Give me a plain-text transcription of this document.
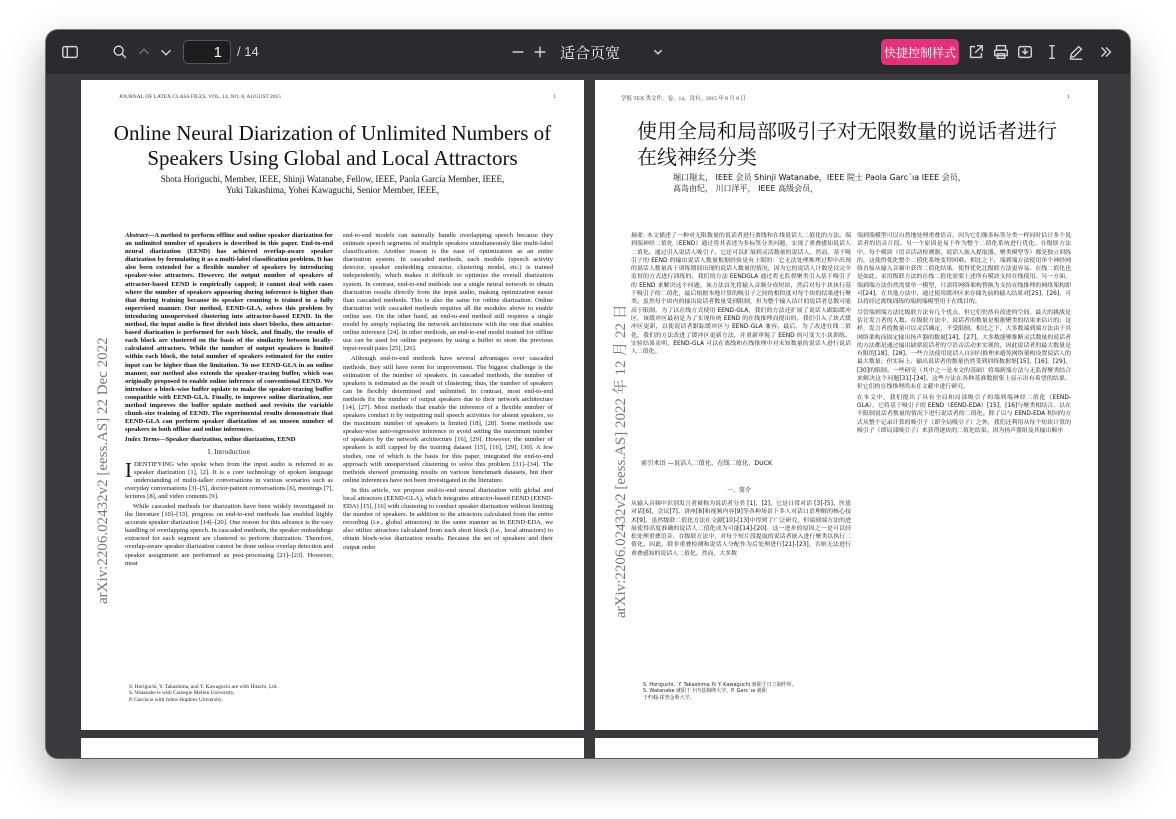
1	/ 14	适合页宽	快捷控制样式
JOURNAL OF LATEX CLASS FILES, VOL. 14, NO. 8, AUGUST 2015	1
Online Neural Diarization of Unlimited Numbers of Speakers Using Global and Local Attractors
Shota Horiguchi, Member, IEEE, Shinji Watanabe, Fellow, IEEE, Paola García Member, IEEE,
Yuki Takashima, Yohei Kawaguchi, Senior Member, IEEE,
arXiv:2206.02432v2 [eess.AS] 22 Dec 2022

Abstract—A method to perform offline and online speaker diarization for an unlimited number of speakers is described in this paper. End-to-end neural diarization (EEND) has achieved overlap-aware speaker diarization by formulating it as a multi-label classification problem. It has also been extended for a flexible number of speakers by introducing speaker-wise attractors. However, the output number of speakers of attractor-based EEND is empirically capped; it cannot deal with cases where the number of speakers appearing during inference is higher than that during training because its speaker counting is trained in a fully supervised manner. Our method, EEND-GLA, solves this problem by introducing unsupervised clustering into attractor-based EEND. In the method, the input audio is first divided into short blocks, then attractor-based diarization is performed for each block, and finally, the results of each block are clustered on the basis of the similarity between locally-calculated attractors. While the number of output speakers is limited within each block, the total number of speakers estimated for the entire input can be higher than the limitation. To use EEND-GLA in an online manner, our method also extends the speaker-tracing buffer, which was originally proposed to enable online inference of conventional EEND. We introduce a block-wise buffer update to make the speaker-tracing buffer compatible with EEND-GLA. Finally, to improve online diarization, our method improves the buffer update method and revisits the variable chunk-size training of EEND. The experimental results demonstrate that EEND-GLA can perform speaker diarization of an unseen number of speakers in both offline and online inferences.

Index Terms—Speaker diarization, online diarization, EEND

I. Introduction

IDENTIFYING who spoke when from the input audio is referred to as speaker diarization [1], [2]. It is a core technology of spoken language understanding of multi-talker conversations in various scenarios such as everyday conversations [3]–[5], doctor-patient conversations [6], meetings [7], lectures [8], and video contents [9].

While cascaded methods for diarization have been widely investigated in the literature [10]–[13], progress on end-to-end methods has enabled highly accurate speaker diarization [14]–[20]. One reason for this advance is the easy handling of overlapping speech. In cascaded methods, the speaker embeddings extracted for each segment are clustered to perform diarization. Therefore, overlap-aware speaker diarization cannot be done unless overlap detection and speaker assignment are performed as post-processing [21]–[23]. However, most

end-to-end models can naturally handle overlapping speech because they estimate speech segments of multiple speakers simultaneously like multi-label classification. Another reason is the ease of optimization as an entire diarization system. In cascaded methods, each module (speech activity detector, speaker embedding extractor, clustering model, etc.) is trained independently, which makes it difficult to optimize the overall diarization system. In contrast, end-to-end methods use a single neural network to obtain diarization results directly from the input audio, making optimization easier than cascaded methods. This is also the same for online diarization. Online diarization with cascaded methods requires all the modules above to enable online use. On the other hand, an end-to-end method still requires a single model by simply replacing the network architecture with the one that enables online inference [24]. In other methods, an end-to-end model trained for offline use can be used for online purposes by using a buffer to store the previous input-result pairs [25], [26].

Although end-to-end methods have several advantages over cascaded methods, they still have room for improvement. The biggest challenge is the estimation of the number of speakers. In cascaded methods, the number of speakers is estimated as the result of clustering; thus, the number of speakers can be flexibly determined and unlimited. In contrast, most end-to-end methods fix the number of output speakers due to their network architecture [14], [27]. Most methods that enable the inference of a flexible number of speakers conduct it by outputting null speech activities for absent speakers, so the maximum number of speakers is limited [18], [28]. Some methods use speaker-wise auto-regressive inference to avoid setting the maximum number of speakers by the network architecture [16], [29]. However, the number of speakers is still capped by the training dataset [15], [16], [29], [30]. A few studies, one of which is the basis for this paper, integrated the end-to-end approach with unsupervised clustering to solve this problem [31]–[34]. The methods showed promising results on various benchmark datasets, but their online inferences have not been investigated in the literature.

In this article, we propose end-to-end neural diarization with global and local attractors (EEND-GLA), which integrates attractor-based EEND (EEND-EDA) [15], [16] with clustering to conduct speaker diarization without limiting the number of speakers. In addition to the attractors calculated from the entire recording (i.e., global attractors) in the same manner as in EEND-EDA, we also utilize attractors calculated from each short block (i.e., local attractors) to obtain block-wise diarization results. Because the set of speakers and their output order

S. Horiguchi, Y. Takashima, and Y. Kawaguchi are with Hitachi, Ltd.
S. Watanabe is with Carnegie Mellon University.
P. García is with Johns Hopkins University.
学报 TEX 类文件，卷。14，没有。2015 年 8 月 8 日	1
使用全局和局部吸引子对无限数量的说话者进行在线神经分类
堀口翔太， IEEE 会员 Shinji Watanabe，IEEE 院士 Paola Garc´ıa IEEE 会员，
高岛由纪， 川口洋平， IEEE 高级会员，
arXiv:2206.02432v2 [eess.AS] 2022 年 12 月 22 日
摘要: 本文描述了一种对无限数量的说话者进行离线和在线说话人二值化的方法。端到端神经二值化（EEND）通过将其表述为多标签分类问题，实现了重叠感知说话人二值化。通过引入说话人吸引子，它还可以扩展到灵活数量的说话人。然而，基于吸引子的 EEND 的输出说话人数量根据经验是有上限的：它无法处理推理过程中出现的说话人数量高于训练期间出现的说话人数量的情况，因为它的说话人计数是以完全监督的方式进行训练的。我们的方法 EENDGLA 通过将无监督聚类引入基于吸引子的 EEND 来解决这个问题。该方法首先将输入音频分成短块，然后对每个块执行基于吸引子的二值化，最后根据本地计算的吸引子之间的相似度对每个块的结果进行聚类。虽然每个块内的输出说话者数量受到限制，但为整个输入估计的说话者总数可能高于限制。为了以在线方式使用 EEND-GLA，我们的方法还扩展了说话人跟踪缓冲区，该缓冲区最初是为了实现传统 EEND 的在线推理而提出的。我们引入了块式缓冲区更新，以使说话者跟踪缓冲区与 EEND-GLA 兼容。最后，为了改进在线二值化，我们的方法改进了缓冲区更新方法，并重新审视了 EEND 的可变大小块训练。实验结果表明，EEND-GLA 可以在离线和在线推理中对未知数量的说话人进行说话人二值化。
索引术语 —说话人二值化、在线二值化、DUCK
一、简介
从输入音频中识别发言者被称为说话者分类 [1]，[2]。它是日常对话 [3]-[5]、医患对话[6]、会议[7]、讲座[8]和视频内容[9]等各种场景下多人对话口语理解的核心技术[9]。虽然级联二值化方法在文献[10]-[13]中得到了广泛研究，但端到端方法的进展使得高度准确的说话人二值化成为可能[14]-[20]。这一进步的原因之一是可以轻松处理重叠语音。在级联方法中，对每个短片段提取的说话者嵌入进行聚类以执行二值化。因此，除非重叠检测和说话人分配作为后处理进行[21]-[23]，否则无法进行重叠感知的说话人二值化。然而，大多数

端到端模型可以自然地处理重叠语音，因为它们像多标签分类一样同时估计多个说话者的语音片段。另一个原因是易于作为整个二值化系统进行优化。在级联方法中，每个模块（语音活动检测器、说话人嵌入提取器、聚类模型等）都是独立训练的，这使得优化整个二值化系统变得困难。相比之下，端到端方法使用单个神经网络直接从输入音频中获得二值化结果，使得优化比级联方法更容易。在线二值化也是如此。采用级联方法的在线二值化需要上述所有模块支持在线使用。另一方面，端到端方法仍然需要单一模型，只需将网络架构替换为支持在线推理的网络架构即可[24]。在其他方法中，通过使用缓冲区来存储先前的输入结果对[25]、[26]，可以将经过离线训练的端到端模型用于在线目的。

尽管端到端方法比级联方法有几个优点，但它们仍然有改进的空间。最大的挑战是估计发言者的人数。在级联方法中，说话者的数量是根据聚类的结果来估计的；这样，发言者的数量可以灵活确定，不受限制。相比之下，大多数端到端方法由于其网络架构而固定输出扬声器的数量[14]、[27]。大多数能够推断灵活数量的说话者的方法都是通过输出缺席说话者的空语音活动来实现的，因此说话者的最大数量是有限的[18]、[28]。一些方法使用说话人自回归推理来避免网络架构设置说话人的最大数量；但实际上，输出说话者的数量仍然受到训练数据集[15]、[16]、[29]、[30]的限制。一些研究（其中之一是本文的基础）将端到端方法与无监督聚类结合来解决这个问题[31]-[34]。这些方法在各种基准数据集上显示出有希望的结果，但它们的在线推理尚未在文献中进行研究。

在本文中，我们提出了具有全局和局部吸引子的端到端神经二值化（EEND-GLA），它将基于吸引子的 EEND（EEND-EDA）[15]，[16]与聚类相结合，以在不限制说话者数量的情况下进行说话者的二值化。除了以与 EEND-EDA 相同的方式从整个记录计算的吸引子（即全局吸引子）之外，我们还利用从每个短块计算的吸引子（即局部吸引子）来获得逐块的二值化结果。因为扬声器组及其输出顺序

S. Horiguchi、Y. Takashima 和 Y. Kawaguchi 就职于日立制作所。
S. Watanabe 就职于卡内基梅隆大学。P. Garc´ıa 就职
于约翰·霍普金斯大学。
